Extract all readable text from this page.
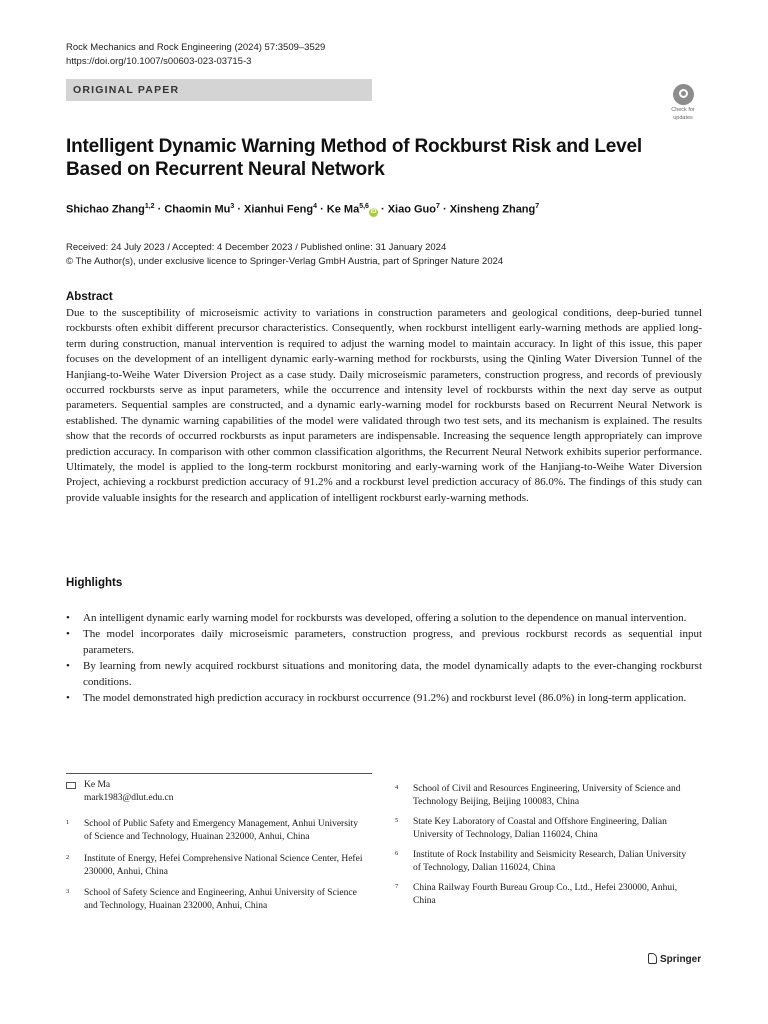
Rock Mechanics and Rock Engineering (2024) 57:3509–3529
https://doi.org/10.1007/s00603-023-03715-3
ORIGINAL PAPER
Check for
updates
Intelligent Dynamic Warning Method of Rockburst Risk and Level
Based on Recurrent Neural Network
Shichao Zhang$^{1,2}$ · Chaomin $Mu^3$ · Xianhui Feng$^4$ · Ke Ma$^{5,6}$iD · Xiao Guo$^7$ · Xinsheng Zhang$^7$
Received: 24 July 2023 / Accepted: 4 December 2023 / Published online: 31 January 2024
© The Author(s), under exclusive licence to Springer-Verlag GmbH Austria, part of Springer Nature 2024
Abstract

Due to the susceptibility of microseismic activity to variations in construction parameters and geological conditions, deep-buried tunnel rockbursts often exhibit different precursor characteristics. Consequently, when rockburst intelligent early-warning methods are applied long-term during construction, manual intervention is required to adjust the warning model to maintain accuracy. In light of this issue, this paper focuses on the development of an intelligent dynamic early-warning method for rockbursts, using the Qinling Water Diversion Tunnel of the Hanjiang-to-Weihe Water Diversion Project as a case study. Daily microseismic parameters, construction progress, and records of previously occurred rockbursts serve as input parameters, while the occurrence and intensity level of rockbursts within the next day serve as output parameters. Sequential samples are constructed, and a dynamic early-warning model for rockbursts based on Recurrent Neural Network is established. The dynamic warning capabilities of the model were validated through two test sets, and its mechanism is explained. The results show that the records of occurred rockbursts as input parameters are indispensable. Increasing the sequence length appropriately can improve prediction accuracy. In comparison with other common classification algorithms, the Recurrent Neural Network exhibits superior performance. Ultimately, the model is applied to the long-term rockburst monitoring and early-warning work of the Hanjiang-to-Weihe Water Diversion Project, achieving a rockburst prediction accuracy of 91.2% and a rockburst level prediction accuracy of 86.0%. The findings of this study can provide valuable insights for the research and application of intelligent rockburst early-warning methods.

Highlights
• An intelligent dynamic early warning model for rockbursts was developed, offering a solution to the dependence on manual intervention.
• The model incorporates daily microseismic parameters, construction progress, and previous rockburst records as sequential input parameters.
• By learning from newly acquired rockburst situations and monitoring data, the model dynamically adapts to the ever-changing rockburst conditions.
• The model demonstrated high prediction accuracy in rockburst occurrence (91.2%) and rockburst level (86.0%) in long-term application.
Ke Ma
mark1983@dlut.edu.cn
1 School of Public Safety and Emergency Management, Anhui University of Science and Technology, Huainan 232000, Anhui, China
2 Institute of Energy, Hefei Comprehensive National Science Center, Hefei 230000, Anhui, China
3 School of Safety Science and Engineering, Anhui University of Science and Technology, Huainan 232000, Anhui, China
4 School of Civil and Resources Engineering, University of Science and Technology Beijing, Beijing 100083, China
5 State Key Laboratory of Coastal and Offshore Engineering, Dalian University of Technology, Dalian 116024, China
6 Institute of Rock Instability and Seismicity Research, Dalian University of Technology, Dalian 116024, China
7 China Railway Fourth Bureau Group Co., Ltd., Hefei 230000, Anhui, China
Springer
